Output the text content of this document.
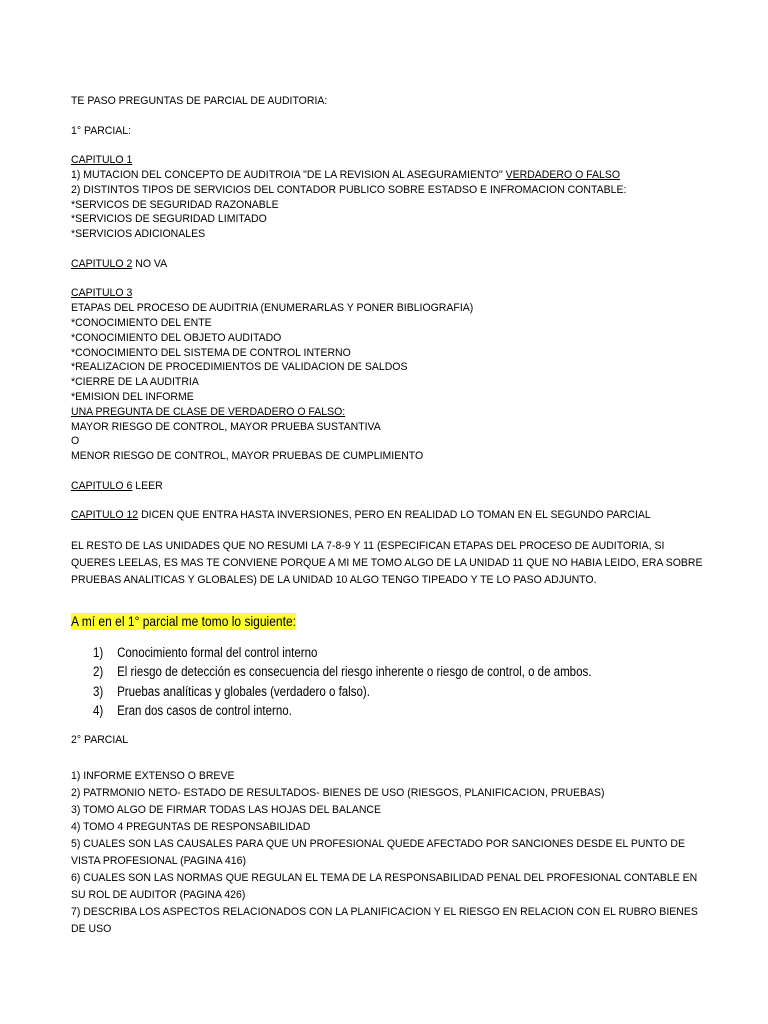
TE PASO PREGUNTAS DE PARCIAL DE AUDITORIA:

1° PARCIAL:

CAPITULO 1

1) MUTACION DEL CONCEPTO DE AUDITROIA "DE LA REVISION AL ASEGURAMIENTO" VERDADERO O FALSO

2) DISTINTOS TIPOS DE SERVICIOS DEL CONTADOR PUBLICO SOBRE ESTADSO E INFROMACION CONTABLE:

*SERVICOS DE SEGURIDAD RAZONABLE

*SERVICIOS DE SEGURIDAD LIMITADO

*SERVICIOS ADICIONALES

CAPITULO 2 NO VA

CAPITULO 3

ETAPAS DEL PROCESO DE AUDITRIA (ENUMERARLAS Y PONER BIBLIOGRAFIA)

*CONOCIMIENTO DEL ENTE

*CONOCIMIENTO DEL OBJETO AUDITADO

*CONOCIMIENTO DEL SISTEMA DE CONTROL INTERNO

*REALIZACION DE PROCEDIMIENTOS DE VALIDACION DE SALDOS

*CIERRE DE LA AUDITRIA

*EMISION DEL INFORME

UNA PREGUNTA DE CLASE DE VERDADERO O FALSO:

MAYOR RIESGO DE CONTROL, MAYOR PRUEBA SUSTANTIVA

O

MENOR RIESGO DE CONTROL, MAYOR PRUEBAS DE CUMPLIMIENTO

CAPITULO 6 LEER

CAPITULO 12 DICEN QUE ENTRA HASTA INVERSIONES, PERO EN REALIDAD LO TOMAN EN EL SEGUNDO PARCIAL

EL RESTO DE LAS UNIDADES QUE NO RESUMI LA 7-8-9 Y 11 (ESPECIFICAN ETAPAS DEL PROCESO DE AUDITORIA, SI QUERES LEELAS, ES MAS TE CONVIENE PORQUE A MI ME TOMO ALGO DE LA UNIDAD 11 QUE NO HABIA LEIDO, ERA SOBRE PRUEBAS ANALITICAS Y GLOBALES) DE LA UNIDAD 10 ALGO TENGO TIPEADO Y TE LO PASO ADJUNTO.

A mí en el 1° parcial me tomo lo siguiente:
1)	Conocimiento formal del control interno
2)	El riesgo de detección es consecuencia del riesgo inherente o riesgo de control, o de ambos.
3)	Pruebas analíticas y globales (verdadero o falso).
4)	Eran dos casos de control interno.

2° PARCIAL

1) INFORME EXTENSO O BREVE

2) PATRMONIO NETO- ESTADO DE RESULTADOS- BIENES DE USO (RIESGOS, PLANIFICACION, PRUEBAS)

3) TOMO ALGO DE FIRMAR TODAS LAS HOJAS DEL BALANCE

4) TOMO 4 PREGUNTAS DE RESPONSABILIDAD

5) CUALES SON LAS CAUSALES PARA QUE UN PROFESIONAL QUEDE AFECTADO POR SANCIONES DESDE EL PUNTO DE VISTA PROFESIONAL (PAGINA 416)

6) CUALES SON LAS NORMAS QUE REGULAN EL TEMA DE LA RESPONSABILIDAD PENAL DEL PROFESIONAL CONTABLE EN SU ROL DE AUDITOR (PAGINA 426)

7) DESCRIBA LOS ASPECTOS RELACIONADOS CON LA PLANIFICACION Y EL RIESGO EN RELACION CON EL RUBRO BIENES DE USO
